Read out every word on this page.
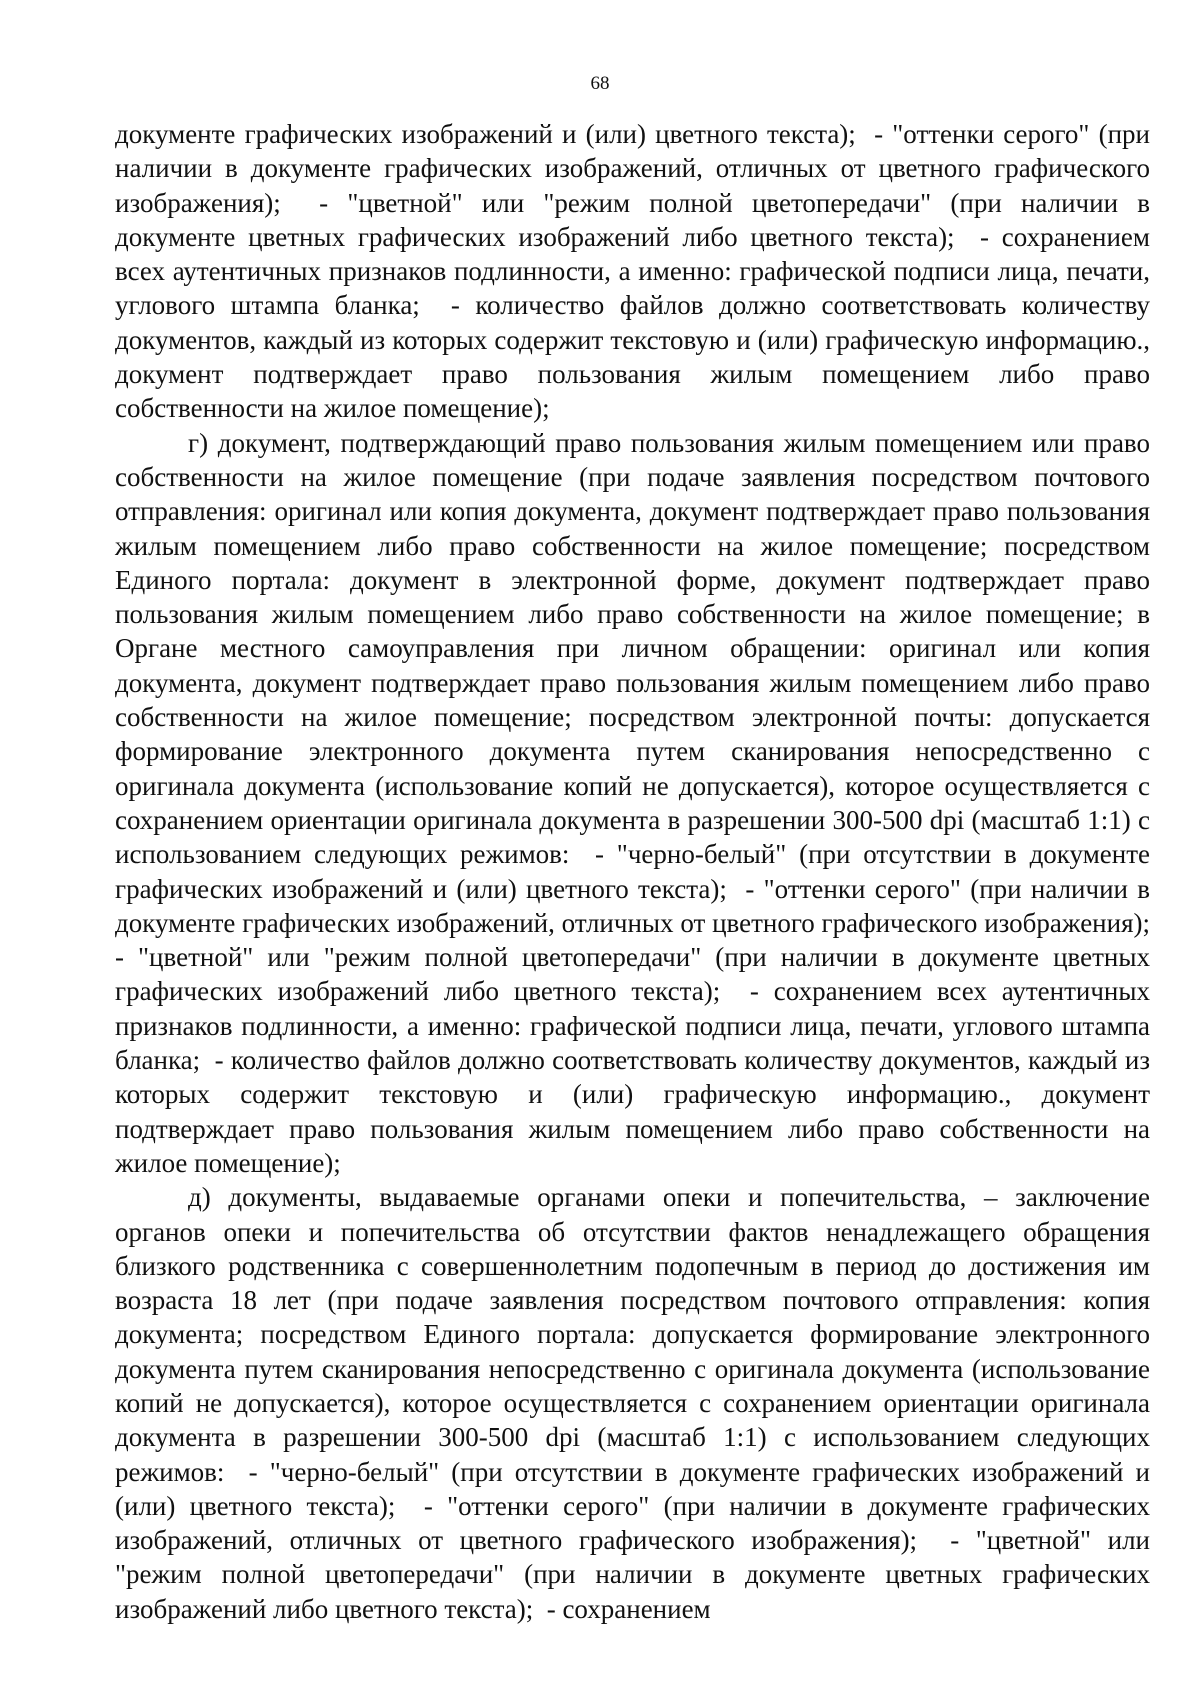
68

документе графических изображений и (или) цветного текста);  - "оттенки серого" (при наличии в документе графических изображений, отличных от цветного графического изображения);  - "цветной" или "режим полной цветопередачи" (при наличии в документе цветных графических изображений либо цветного текста);  - сохранением всех аутентичных признаков подлинности, а именно: графической подписи лица, печати, углового штампа бланка;  - количество файлов должно соответствовать количеству документов, каждый из которых содержит текстовую и (или) графическую информацию., документ подтверждает право пользования жилым помещением либо право собственности на жилое помещение);

г) документ, подтверждающий право пользования жилым помещением или право собственности на жилое помещение (при подаче заявления посредством почтового отправления: оригинал или копия документа, документ подтверждает право пользования жилым помещением либо право собственности на жилое помещение; посредством Единого портала: документ в электронной форме, документ подтверждает право пользования жилым помещением либо право собственности на жилое помещение; в Органе местного самоуправления при личном обращении: оригинал или копия документа, документ подтверждает право пользования жилым помещением либо право собственности на жилое помещение; посредством электронной почты: допускается формирование электронного документа путем сканирования непосредственно с оригинала документа (использование копий не допускается), которое осуществляется с сохранением ориентации оригинала документа в разрешении 300-500 dpi (масштаб 1:1) с использованием следующих режимов:  - "черно-белый" (при отсутствии в документе графических изображений и (или) цветного текста);  - "оттенки серого" (при наличии в документе графических изображений, отличных от цветного графического изображения);  - "цветной" или "режим полной цветопередачи" (при наличии в документе цветных графических изображений либо цветного текста);  - сохранением всех аутентичных признаков подлинности, а именно: графической подписи лица, печати, углового штампа бланка;  - количество файлов должно соответствовать количеству документов, каждый из которых содержит текстовую и (или) графическую информацию., документ подтверждает право пользования жилым помещением либо право собственности на жилое помещение);

д) документы, выдаваемые органами опеки и попечительства, – заключение органов опеки и попечительства об отсутствии фактов ненадлежащего обращения близкого родственника с совершеннолетним подопечным в период до достижения им возраста 18 лет (при подаче заявления посредством почтового отправления: копия документа; посредством Единого портала: допускается формирование электронного документа путем сканирования непосредственно с оригинала документа (использование копий не допускается), которое осуществляется с сохранением ориентации оригинала документа в разрешении 300-500 dpi (масштаб 1:1) с использованием следующих режимов:  - "черно-белый" (при отсутствии в документе графических изображений и (или) цветного текста);  - "оттенки серого" (при наличии в документе графических изображений, отличных от цветного графического изображения);  - "цветной" или "режим полной цветопередачи" (при наличии в документе цветных графических изображений либо цветного текста);  - сохранением
